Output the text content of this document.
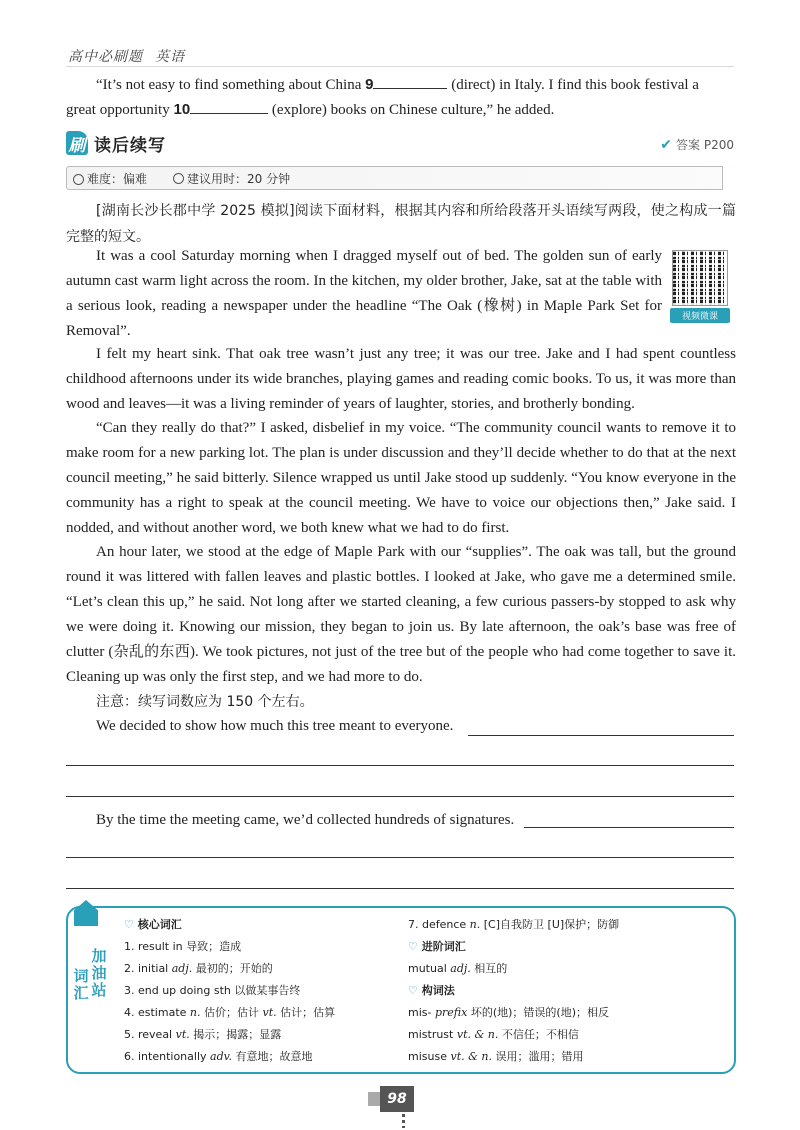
高中必刷题 英语
“It’s not easy to find something about China 9	(direct) in Italy. I find this book festival a

great opportunity 10	(explore) books on Chinese culture,” he added.
刷 读后续写	✔ 答案 P200
难度： 偏难	建议用时：20 分钟
[湖南长沙长郡中学 2025 模拟]阅读下面材料，根据其内容和所给段落开头语续写两段，使之构成一篇完整的短文。
视频微课
It was a cool Saturday morning when I dragged myself out of bed. The golden sun of early autumn cast warm light across the room. In the kitchen, my older brother, Jake, sat at the table with a serious look, reading a newspaper under the headline “The Oak (橡树) in Maple Park Set for Removal”.
I felt my heart sink. That oak tree wasn’t just any tree; it was our tree. Jake and I had spent countless childhood afternoons under its wide branches, playing games and reading comic books. To us, it was more than wood and leaves—it was a living reminder of years of laughter, stories, and brotherly bonding.
“Can they really do that?” I asked, disbelief in my voice. “The community council wants to remove it to make room for a new parking lot. The plan is under discussion and they’ll decide whether to do that at the next council meeting,” he said bitterly. Silence wrapped us until Jake stood up suddenly. “You know everyone in the community has a right to speak at the council meeting. We have to voice our objections then,” Jake said. I nodded, and without another word, we both knew what we had to do first.
An hour later, we stood at the edge of Maple Park with our “supplies”. The oak was tall, but the ground round it was littered with fallen leaves and plastic bottles. I looked at Jake, who gave me a determined smile. “Let’s clean this up,” he said. Not long after we started cleaning, a few curious passers-by stopped to ask why we were doing it. Knowing our mission, they began to join us. By late afternoon, the oak’s base was free of clutter (杂乱的东西). We took pictures, not just of the tree but of the people who had come together to save it. Cleaning up was only the first step, and we had more to do.
注意：续写词数应为 150 个左右。
We decided to show how much this tree meant to everyone.
By the time the meeting came, we’d collected hundreds of signatures.
词
汇
加
油
站
♡ 核心词汇
1. result in 导致；造成
2. initial adj. 最初的；开始的
3. end up doing sth 以做某事告终
4. estimate n. 估价；估计 vt. 估计；估算
5. reveal vt. 揭示；揭露；显露
6. intentionally adv. 有意地；故意地
7. defence n. [C]自我防卫 [U]保护；防御
♡ 进阶词汇
mutual adj. 相互的
♡ 构词法
mis- prefix 坏的(地)；错误的(地)；相反
mistrust vt. & n. 不信任；不相信
misuse vt. & n. 误用；滥用；错用
98
